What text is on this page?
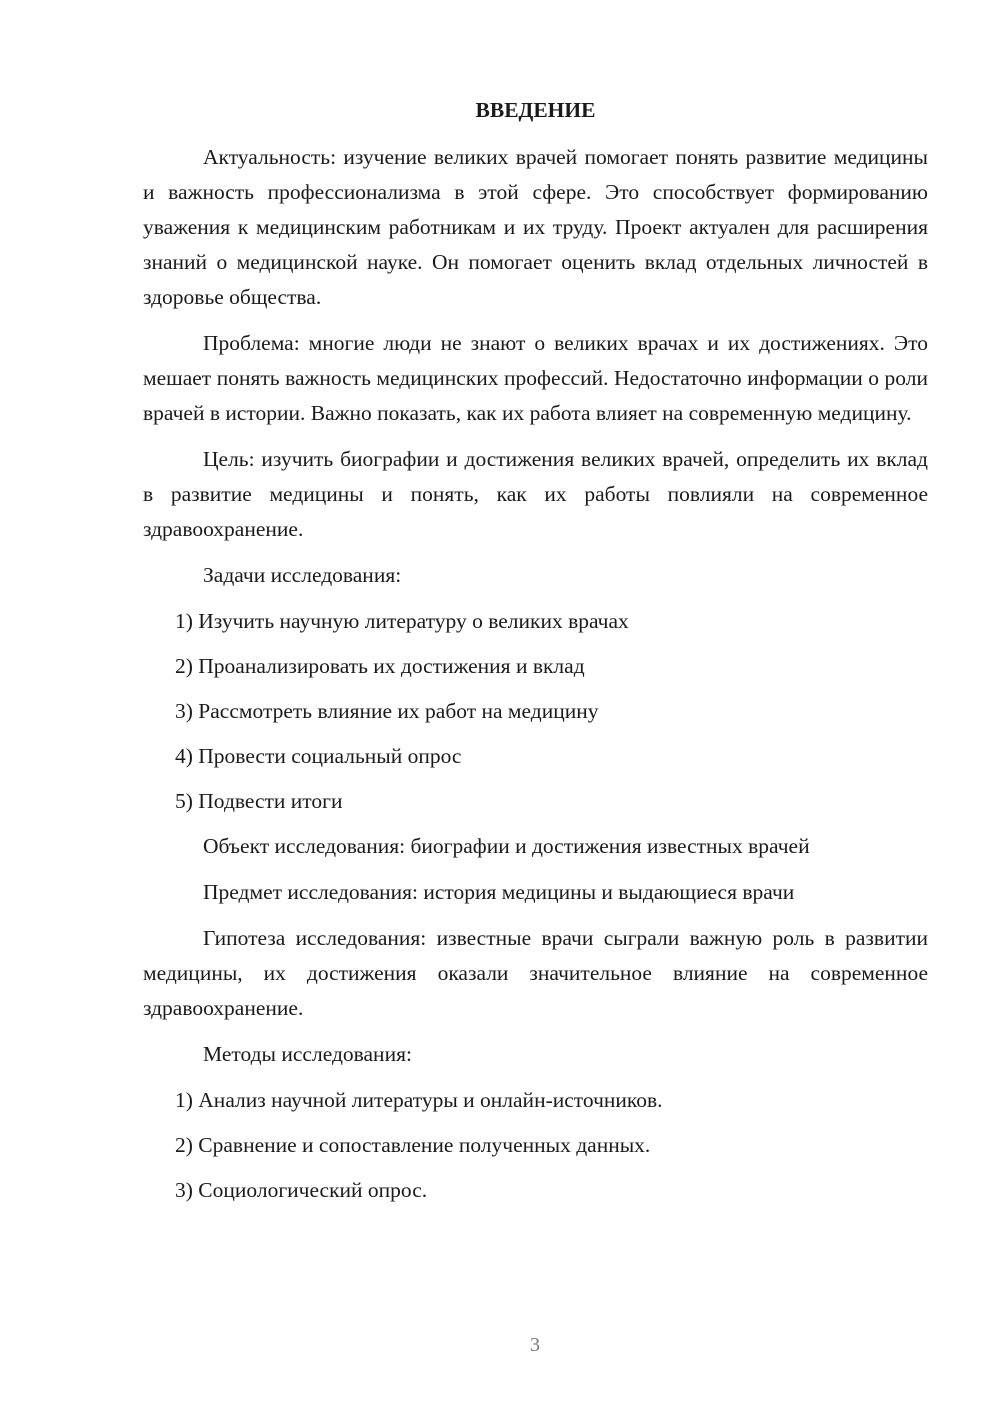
ВВЕДЕНИЕ

Актуальность: изучение великих врачей помогает понять развитие медицины и важность профессионализма в этой сфере. Это способствует формированию уважения к медицинским работникам и их труду. Проект актуален для расширения знаний о медицинской науке. Он помогает оценить вклад отдельных личностей в здоровье общества.

Проблема: многие люди не знают о великих врачах и их достижениях. Это мешает понять важность медицинских профессий. Недостаточно информации о роли врачей в истории. Важно показать, как их работа влияет на современную медицину.

Цель: изучить биографии и достижения великих врачей, определить их вклад в развитие медицины и понять, как их работы повлияли на современное здравоохранение.

Задачи исследования:

1) Изучить научную литературу о великих врачах

2) Проанализировать их достижения и вклад

3) Рассмотреть влияние их работ на медицину

4) Провести социальный опрос

5) Подвести итоги

Объект исследования: биографии и достижения известных врачей

Предмет исследования: история медицины и выдающиеся врачи

Гипотеза исследования: известные врачи сыграли важную роль в развитии медицины, их достижения оказали значительное влияние на современное здравоохранение.

Методы исследования:

1) Анализ научной литературы и онлайн-источников.

2) Сравнение и сопоставление полученных данных.

3) Социологический опрос.

3
